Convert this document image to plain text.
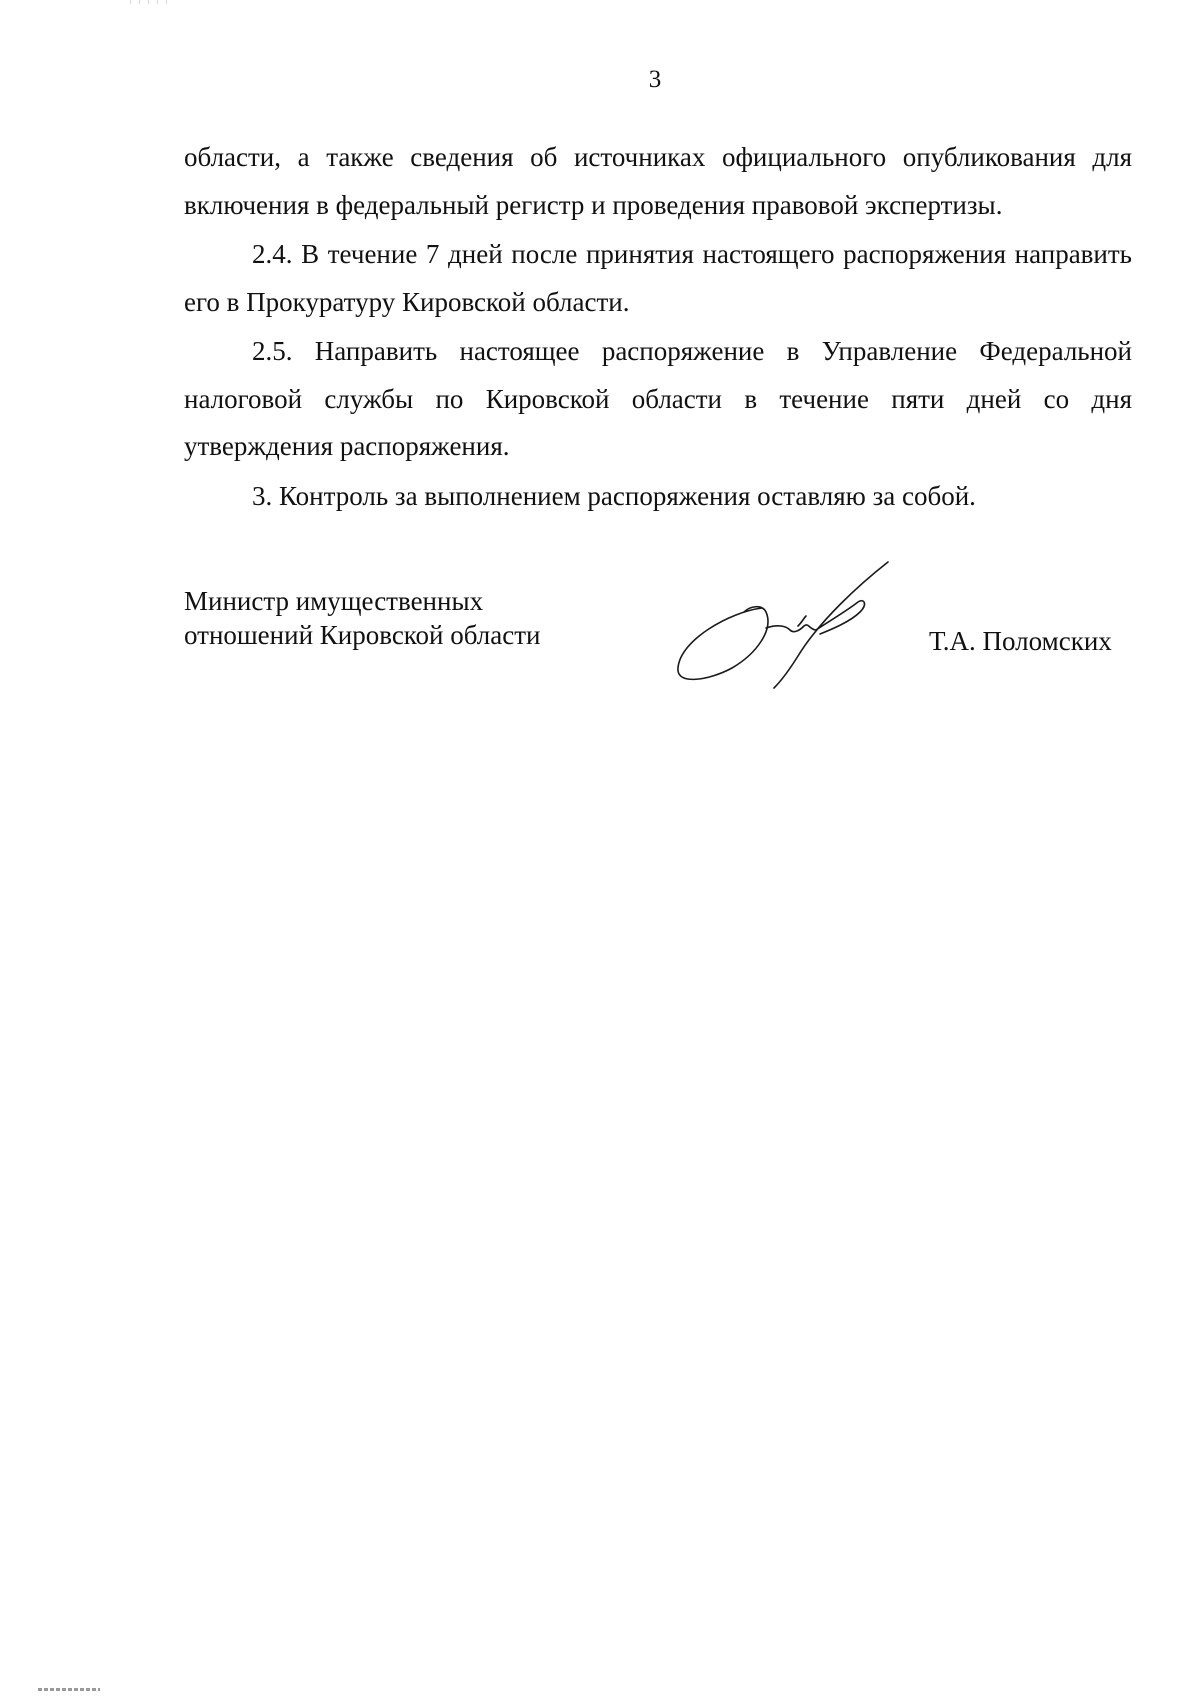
3

области, а также сведения об источниках официального опубликования для включения в федеральный регистр и проведения правовой экспертизы.

2.4. В течение 7 дней после принятия настоящего распоряжения направить его в Прокуратуру Кировской области.

2.5. Направить настоящее распоряжение в Управление Федеральной налоговой службы по Кировской области в течение пяти дней со дня утверждения распоряжения.

3. Контроль за выполнением распоряжения оставляю за собой.

Министр имущественных
отношений Кировской области	Т.А. Поломских
